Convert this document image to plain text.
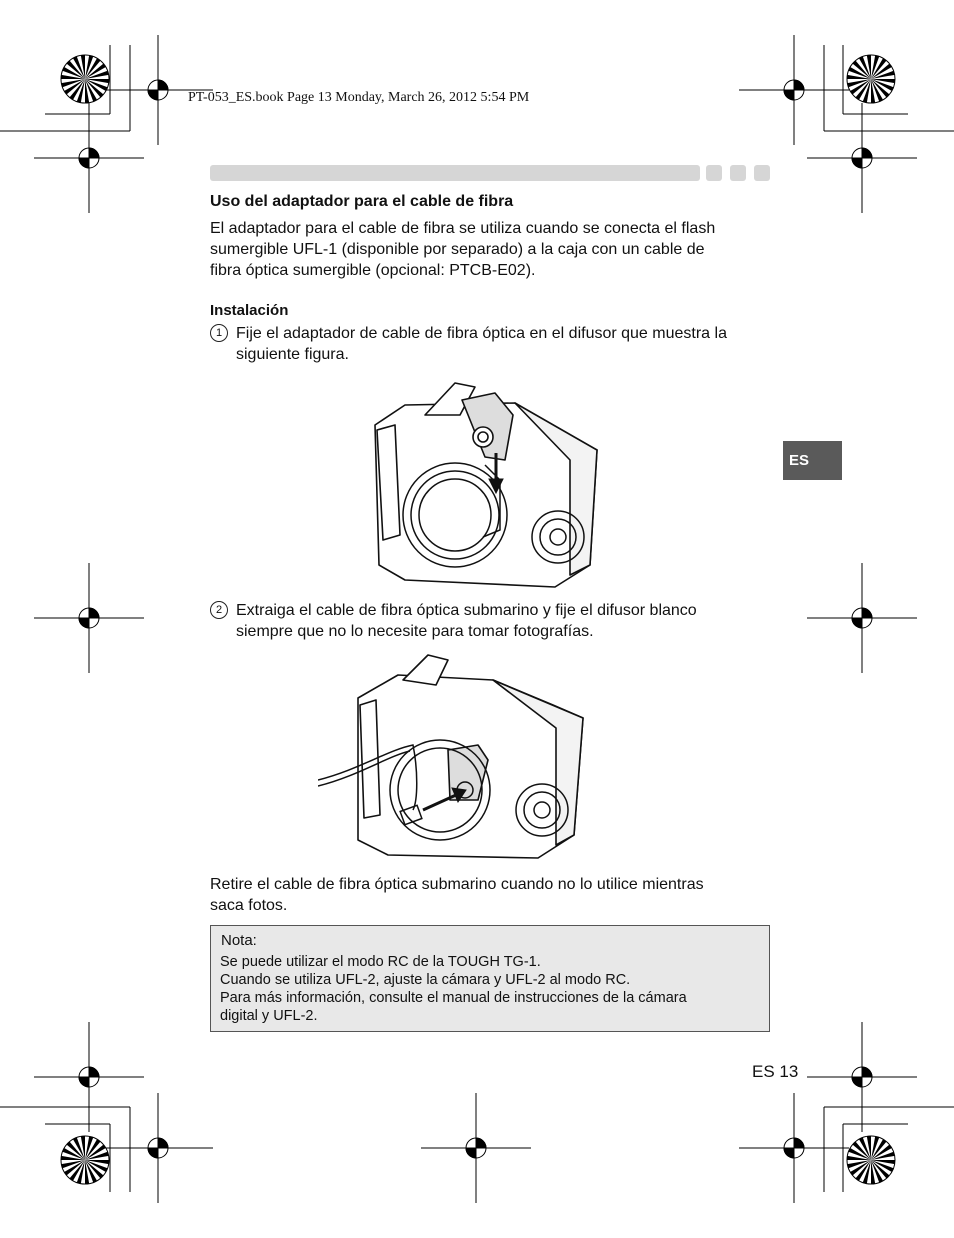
PT-053_ES.book Page 13 Monday, March 26, 2012 5:54 PM
Uso del adaptador para el cable de fibra
El adaptador para el cable de fibra se utiliza cuando se conecta el flash
sumergible UFL-1 (disponible por separado) a la caja con un cable de
fibra óptica sumergible (opcional: PTCB-E02).
Instalación
1 Fije el adaptador de cable de fibra óptica en el difusor que muestra la
siguiente figura.
2 Extraiga el cable de fibra óptica submarino y fije el difusor blanco
siempre que no lo necesite para tomar fotografías.
Retire el cable de fibra óptica submarino cuando no lo utilice mientras
saca fotos.
Nota:
Se puede utilizar el modo RC de la TOUGH TG-1.
Cuando se utiliza UFL-2, ajuste la cámara y UFL-2 al modo RC.
Para más información, consulte el manual de instrucciones de la cámara
digital y UFL-2.
ES
ES 13
